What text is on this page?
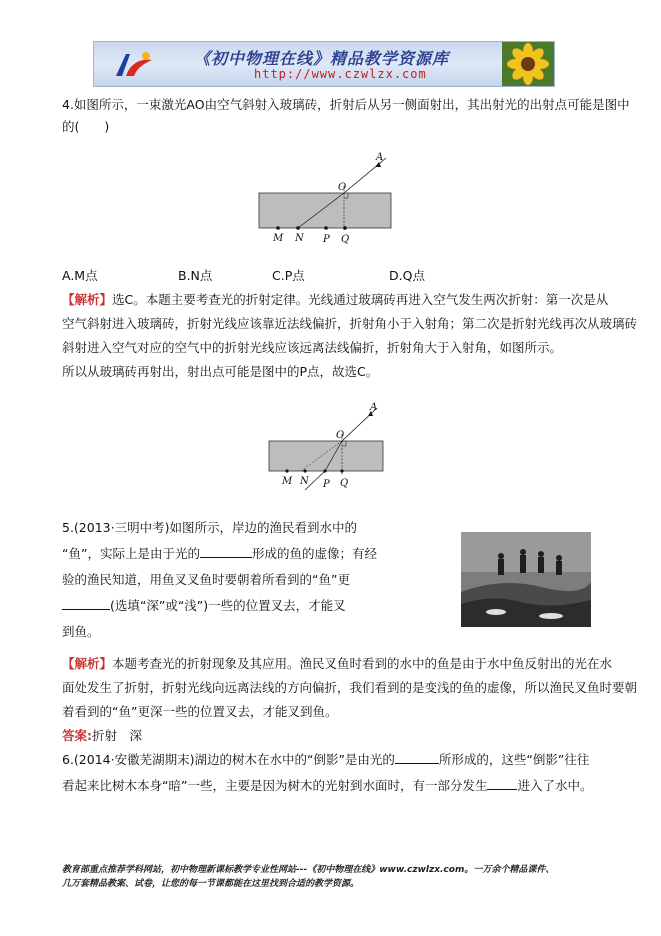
《初中物理在线》精品教学资源库
http://www.czwlzx.com
4.如图所示，一束激光AO由空气斜射入玻璃砖，折射后从另一侧面射出，其出射光的出射点可能是图中
的(　　)
A
O
M N P Q
A.M点	B.N点	C.P点	D.Q点
【解析】选C。本题主要考查光的折射定律。光线通过玻璃砖再进入空气发生两次折射：第一次是从
空气斜射进入玻璃砖，折射光线应该靠近法线偏折，折射角小于入射角；第二次是折射光线再次从玻璃砖
斜射进入空气对应的空气中的折射光线应该远离法线偏折，折射角大于入射角，如图所示。
所以从玻璃砖再射出，射出点可能是图中的P点，故选C。
A
O
M N P Q
5.(2013·三明中考)如图所示，岸边的渔民看到水中的
“鱼”，实际上是由于光的	形成的鱼的虚像；有经
验的渔民知道，用鱼叉叉鱼时要朝着所看到的“鱼”更
(选填“深”或“浅”)一些的位置叉去，才能叉
到鱼。
【解析】本题考查光的折射现象及其应用。渔民叉鱼时看到的水中的鱼是由于水中鱼反射出的光在水
面处发生了折射，折射光线向远离法线的方向偏折，我们看到的是变浅的鱼的虚像，所以渔民叉鱼时要朝
着看到的“鱼”更深一些的位置叉去，才能叉到鱼。
答案:折射　深
6.(2014·安徽芜湖期末)湖边的树木在水中的“倒影”是由光的	所形成的，这些“倒影”往往
看起来比树木本身“暗”一些，主要是因为树木的光射到水面时，有一部分发生 进入了水中。
教育部重点推荐学科网站，初中物理新课标教学专业性网站---《初中物理在线》www.czwlzx.com。一万余个精品课件、
几万套精品教案、试卷，让您的每一节课都能在这里找到合适的教学资源。
